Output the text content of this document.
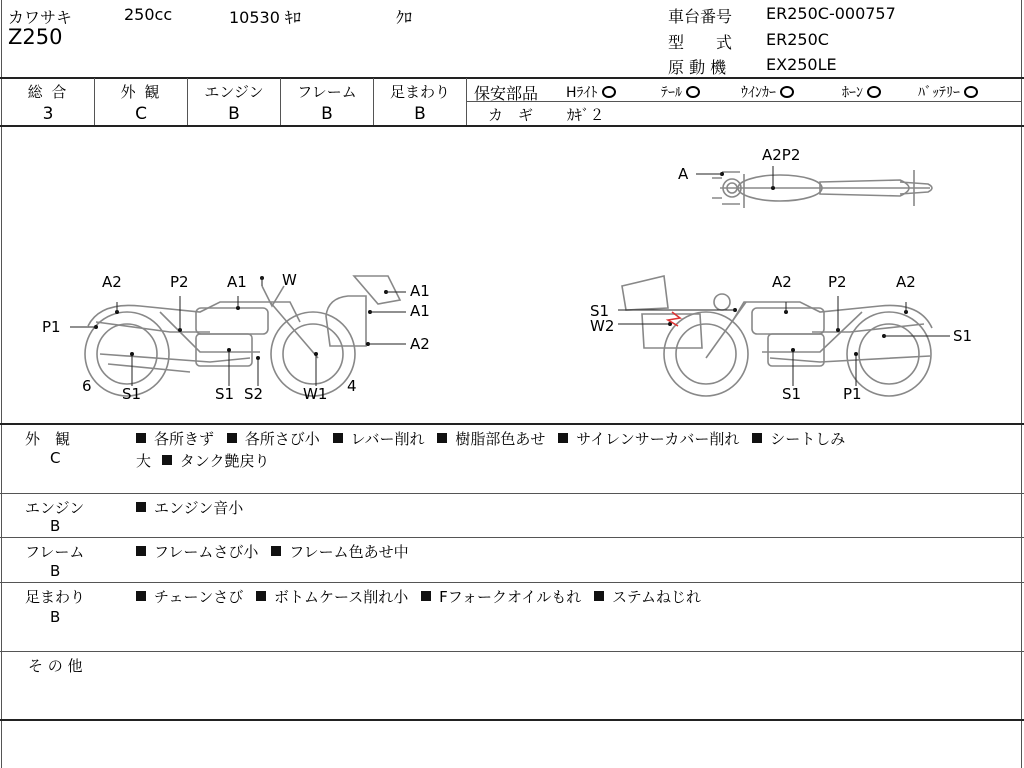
カワサキ	250cc	10530 ｷﾛ	ｸﾛ
Z250
車台番号 ER250C-000757
型　　式 ER250C
原 動 機 EX250LE
総 合
3
外 観
C
エンジン
B
フレーム
B
足まわり
B
保安部品 Hﾗｲﾄ	ﾃｰﾙ	ｳｲﾝｶｰ	ﾎｰﾝ	ﾊﾞｯﾃﾘｰ
カ　ギ ｶｷﾞ２
A2	P2	A1 W
A1
A1
P1
A2
6 S1	S1 S2	W1 4
A2P2
A
S1
W2
A2 P2	A2
S1
S1	P1
外　観
C
各所きず 各所さび小 レバー削れ 樹脂部色あせ サイレンサーカバー削れ シートしみ
大 タンク艶戻り
エンジン
B
エンジン音小
フレーム
B
フレームさび小 フレーム色あせ中
足まわり
B
チェーンさび ボトムケース削れ小 Fフォークオイルもれ ステムねじれ
そ の 他
